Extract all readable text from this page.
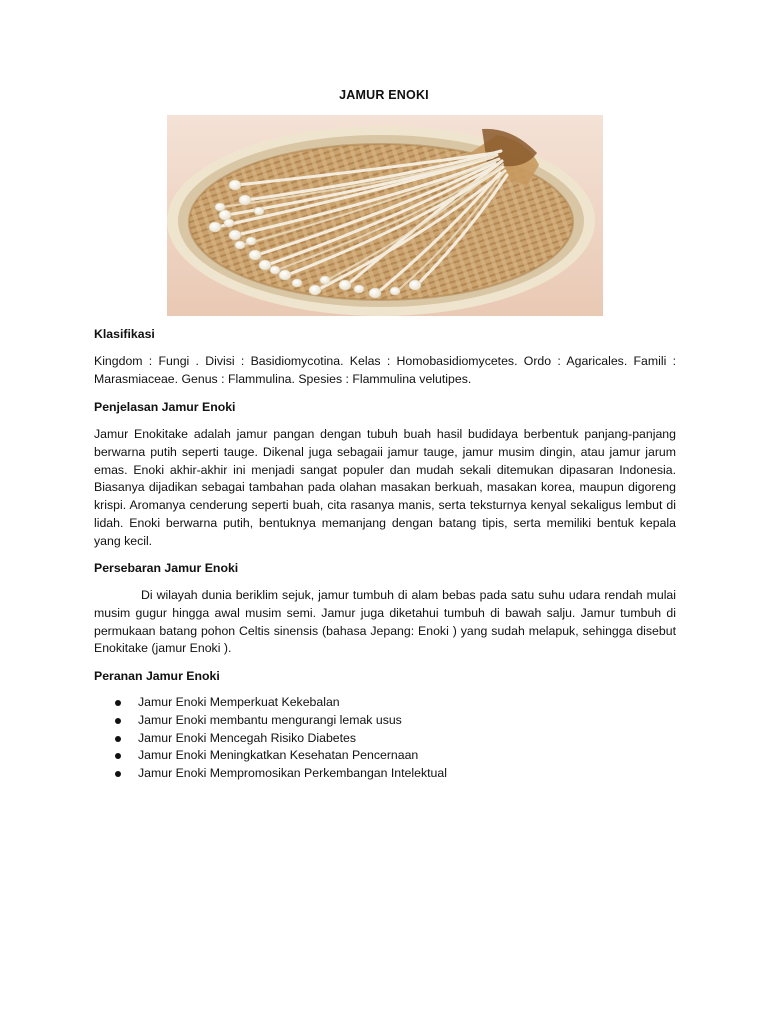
JAMUR ENOKI
Klasifikasi

Kingdom : Fungi . Divisi : Basidiomycotina. Kelas : Homobasidiomycetes. Ordo : Agaricales. Famili : Marasmiaceae. Genus : Flammulina. Spesies : Flammulina velutipes.

Penjelasan Jamur Enoki

Jamur Enokitake adalah jamur pangan dengan tubuh buah hasil budidaya berbentuk panjang-panjang berwarna putih seperti tauge. Dikenal juga sebagaii jamur tauge, jamur musim dingin, atau jamur jarum emas. Enoki akhir-akhir ini menjadi sangat populer dan mudah sekali ditemukan dipasaran Indonesia. Biasanya dijadikan sebagai tambahan pada olahan masakan berkuah, masakan korea, maupun digoreng krispi. Aromanya cenderung seperti buah, cita rasanya manis, serta teksturnya kenyal sekaligus lembut di lidah. Enoki berwarna putih, bentuknya memanjang dengan batang tipis, serta memiliki bentuk kepala yang kecil.

Persebaran Jamur Enoki

Di wilayah dunia beriklim sejuk, jamur tumbuh di alam bebas pada satu suhu udara rendah mulai musim gugur hingga awal musim semi. Jamur juga diketahui tumbuh di bawah salju. Jamur tumbuh di permukaan batang pohon Celtis sinensis (bahasa Jepang: Enoki ) yang sudah melapuk, sehingga disebut Enokitake (jamur Enoki ).

Peranan Jamur Enoki
Jamur Enoki Memperkuat Kekebalan
Jamur Enoki membantu mengurangi lemak usus
Jamur Enoki Mencegah Risiko Diabetes
Jamur Enoki Meningkatkan Kesehatan Pencernaan
Jamur Enoki Mempromosikan Perkembangan Intelektual
